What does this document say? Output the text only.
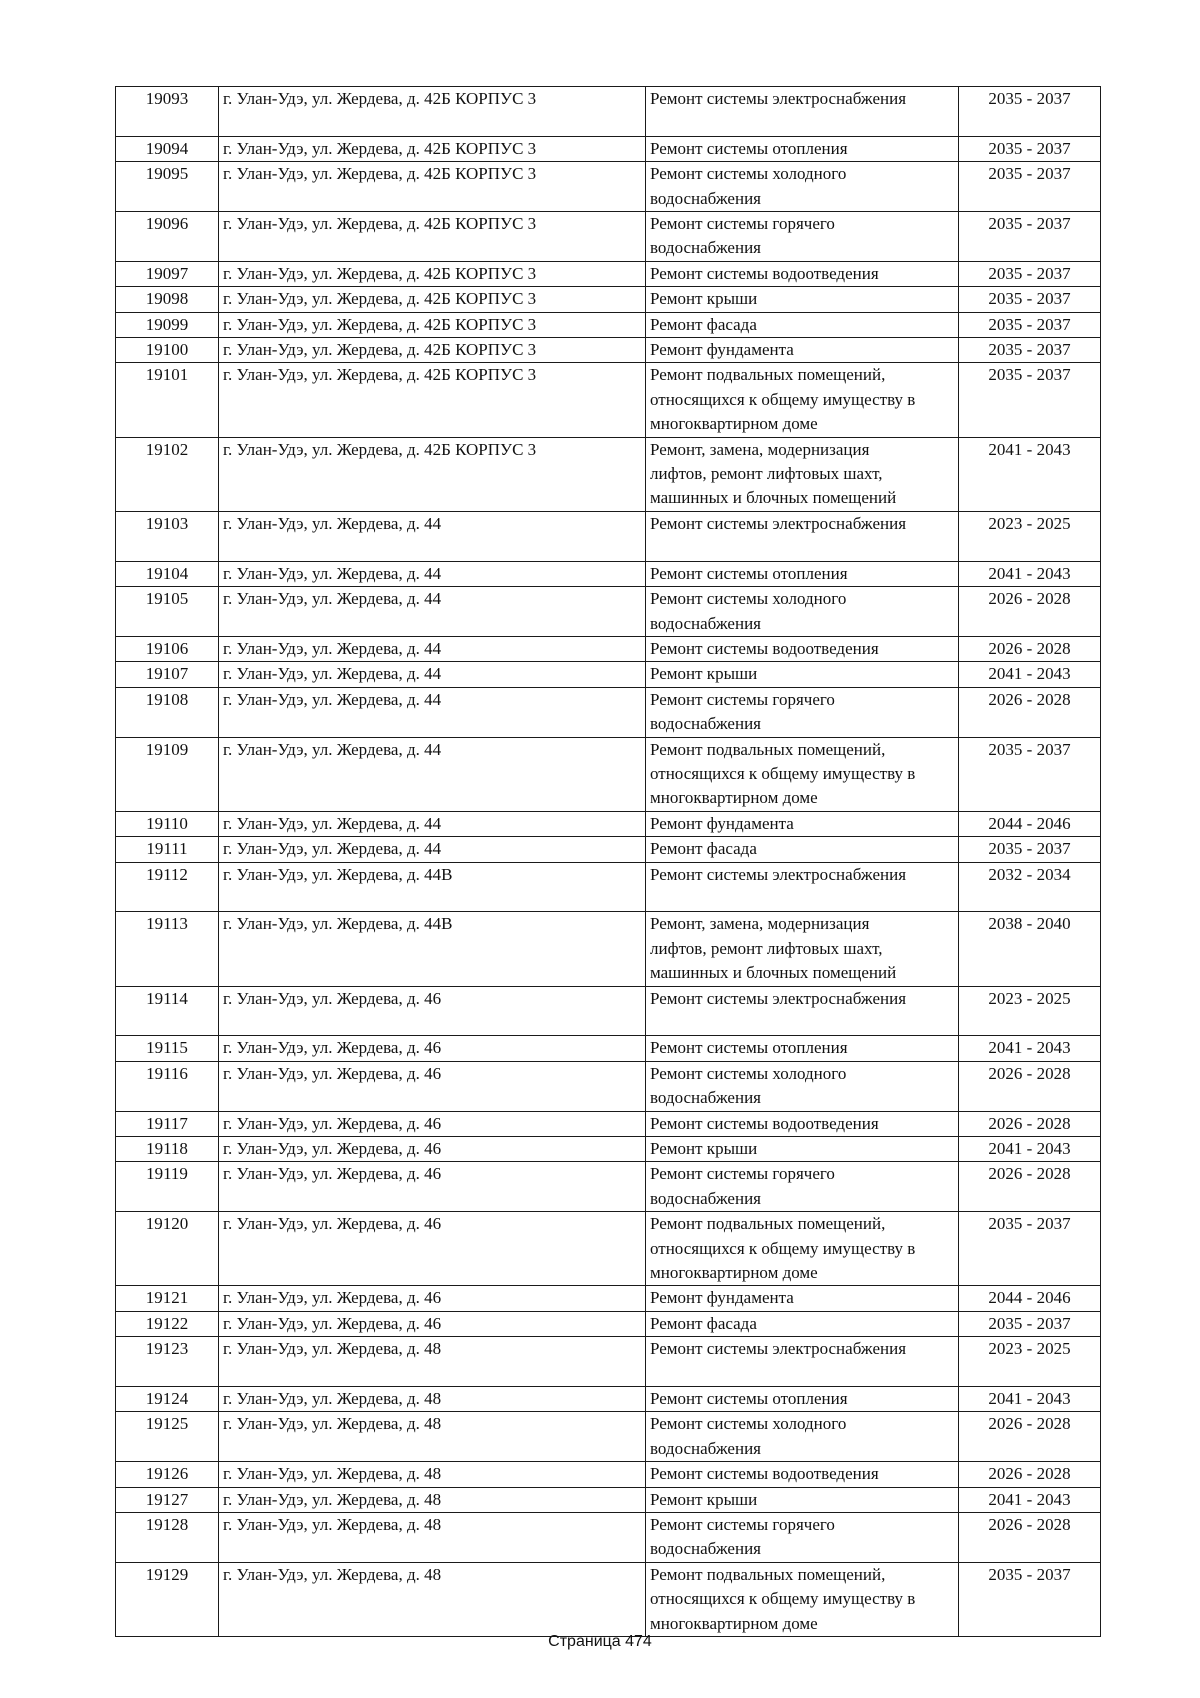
19093	г. Улан-Удэ, ул. Жердева, д. 42Б КОРПУС 3	Ремонт системы электроснабжения	2035 - 2037

19094	г. Улан-Удэ, ул. Жердева, д. 42Б КОРПУС 3	Ремонт системы отопления	2035 - 2037

19095	г. Улан-Удэ, ул. Жердева, д. 42Б КОРПУС 3	Ремонт системы холодного
водоснабжения	2035 - 2037

19096	г. Улан-Удэ, ул. Жердева, д. 42Б КОРПУС 3	Ремонт системы горячего
водоснабжения	2035 - 2037

19097	г. Улан-Удэ, ул. Жердева, д. 42Б КОРПУС 3	Ремонт системы водоотведения	2035 - 2037

19098	г. Улан-Удэ, ул. Жердева, д. 42Б КОРПУС 3	Ремонт крыши	2035 - 2037

19099	г. Улан-Удэ, ул. Жердева, д. 42Б КОРПУС 3	Ремонт фасада	2035 - 2037

19100	г. Улан-Удэ, ул. Жердева, д. 42Б КОРПУС 3	Ремонт фундамента	2035 - 2037

19101	г. Улан-Удэ, ул. Жердева, д. 42Б КОРПУС 3	Ремонт подвальных помещений,
относящихся к общему имуществу в
многоквартирном доме	2035 - 2037

19102	г. Улан-Удэ, ул. Жердева, д. 42Б КОРПУС 3	Ремонт, замена, модернизация
лифтов, ремонт лифтовых шахт,
машинных и блочных помещений	2041 - 2043

19103	г. Улан-Удэ, ул. Жердева, д. 44	Ремонт системы электроснабжения	2023 - 2025

19104	г. Улан-Удэ, ул. Жердева, д. 44	Ремонт системы отопления	2041 - 2043

19105	г. Улан-Удэ, ул. Жердева, д. 44	Ремонт системы холодного
водоснабжения	2026 - 2028

19106	г. Улан-Удэ, ул. Жердева, д. 44	Ремонт системы водоотведения	2026 - 2028

19107	г. Улан-Удэ, ул. Жердева, д. 44	Ремонт крыши	2041 - 2043

19108	г. Улан-Удэ, ул. Жердева, д. 44	Ремонт системы горячего
водоснабжения	2026 - 2028

19109	г. Улан-Удэ, ул. Жердева, д. 44	Ремонт подвальных помещений,
относящихся к общему имуществу в
многоквартирном доме	2035 - 2037

19110	г. Улан-Удэ, ул. Жердева, д. 44	Ремонт фундамента	2044 - 2046

19111	г. Улан-Удэ, ул. Жердева, д. 44	Ремонт фасада	2035 - 2037

19112	г. Улан-Удэ, ул. Жердева, д. 44В	Ремонт системы электроснабжения	2032 - 2034

19113	г. Улан-Удэ, ул. Жердева, д. 44В	Ремонт, замена, модернизация
лифтов, ремонт лифтовых шахт,
машинных и блочных помещений	2038 - 2040

19114	г. Улан-Удэ, ул. Жердева, д. 46	Ремонт системы электроснабжения	2023 - 2025

19115	г. Улан-Удэ, ул. Жердева, д. 46	Ремонт системы отопления	2041 - 2043

19116	г. Улан-Удэ, ул. Жердева, д. 46	Ремонт системы холодного
водоснабжения	2026 - 2028

19117	г. Улан-Удэ, ул. Жердева, д. 46	Ремонт системы водоотведения	2026 - 2028

19118	г. Улан-Удэ, ул. Жердева, д. 46	Ремонт крыши	2041 - 2043

19119	г. Улан-Удэ, ул. Жердева, д. 46	Ремонт системы горячего
водоснабжения	2026 - 2028

19120	г. Улан-Удэ, ул. Жердева, д. 46	Ремонт подвальных помещений,
относящихся к общему имуществу в
многоквартирном доме	2035 - 2037

19121	г. Улан-Удэ, ул. Жердева, д. 46	Ремонт фундамента	2044 - 2046

19122	г. Улан-Удэ, ул. Жердева, д. 46	Ремонт фасада	2035 - 2037

19123	г. Улан-Удэ, ул. Жердева, д. 48	Ремонт системы электроснабжения	2023 - 2025

19124	г. Улан-Удэ, ул. Жердева, д. 48	Ремонт системы отопления	2041 - 2043

19125	г. Улан-Удэ, ул. Жердева, д. 48	Ремонт системы холодного
водоснабжения	2026 - 2028

19126	г. Улан-Удэ, ул. Жердева, д. 48	Ремонт системы водоотведения	2026 - 2028

19127	г. Улан-Удэ, ул. Жердева, д. 48	Ремонт крыши	2041 - 2043

19128	г. Улан-Удэ, ул. Жердева, д. 48	Ремонт системы горячего
водоснабжения	2026 - 2028

19129	г. Улан-Удэ, ул. Жердева, д. 48	Ремонт подвальных помещений,
относящихся к общему имуществу в
многоквартирном доме	2035 - 2037
Страница 474
